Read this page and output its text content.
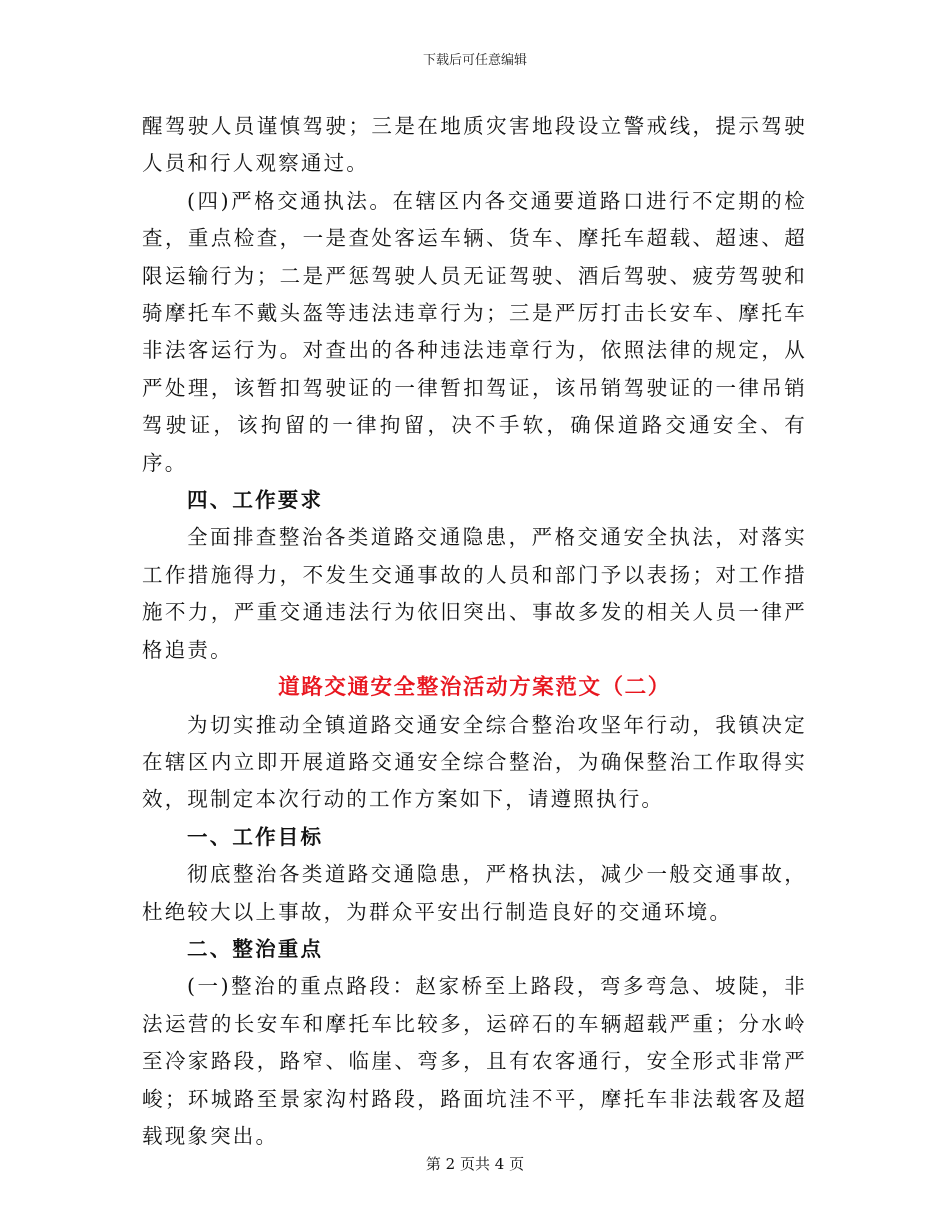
下载后可任意编辑

醒驾驶人员谨慎驾驶；三是在地质灾害地段设立警戒线，提示驾驶人员和行人观察通过。

(四)严格交通执法。在辖区内各交通要道路口进行不定期的检查，重点检查，一是查处客运车辆、货车、摩托车超载、超速、超限运输行为；二是严惩驾驶人员无证驾驶、酒后驾驶、疲劳驾驶和骑摩托车不戴头盔等违法违章行为；三是严厉打击长安车、摩托车非法客运行为。对查出的各种违法违章行为，依照法律的规定，从严处理，该暂扣驾驶证的一律暂扣驾证，该吊销驾驶证的一律吊销驾驶证，该拘留的一律拘留，决不手软，确保道路交通安全、有序。

四、工作要求

全面排查整治各类道路交通隐患，严格交通安全执法，对落实工作措施得力，不发生交通事故的人员和部门予以表扬；对工作措施不力，严重交通违法行为依旧突出、事故多发的相关人员一律严格追责。

道路交通安全整治活动方案范文（二）

为切实推动全镇道路交通安全综合整治攻坚年行动，我镇决定在辖区内立即开展道路交通安全综合整治，为确保整治工作取得实效，现制定本次行动的工作方案如下，请遵照执行。

一、工作目标

彻底整治各类道路交通隐患，严格执法，减少一般交通事故，杜绝较大以上事故，为群众平安出行制造良好的交通环境。

二、整治重点

(一)整治的重点路段：赵家桥至上路段，弯多弯急、坡陡，非法运营的长安车和摩托车比较多，运碎石的车辆超载严重；分水岭至冷家路段，路窄、临崖、弯多，且有农客通行，安全形式非常严峻；环城路至景家沟村路段，路面坑洼不平，摩托车非法载客及超载现象突出。

第 2 页共 4 页
